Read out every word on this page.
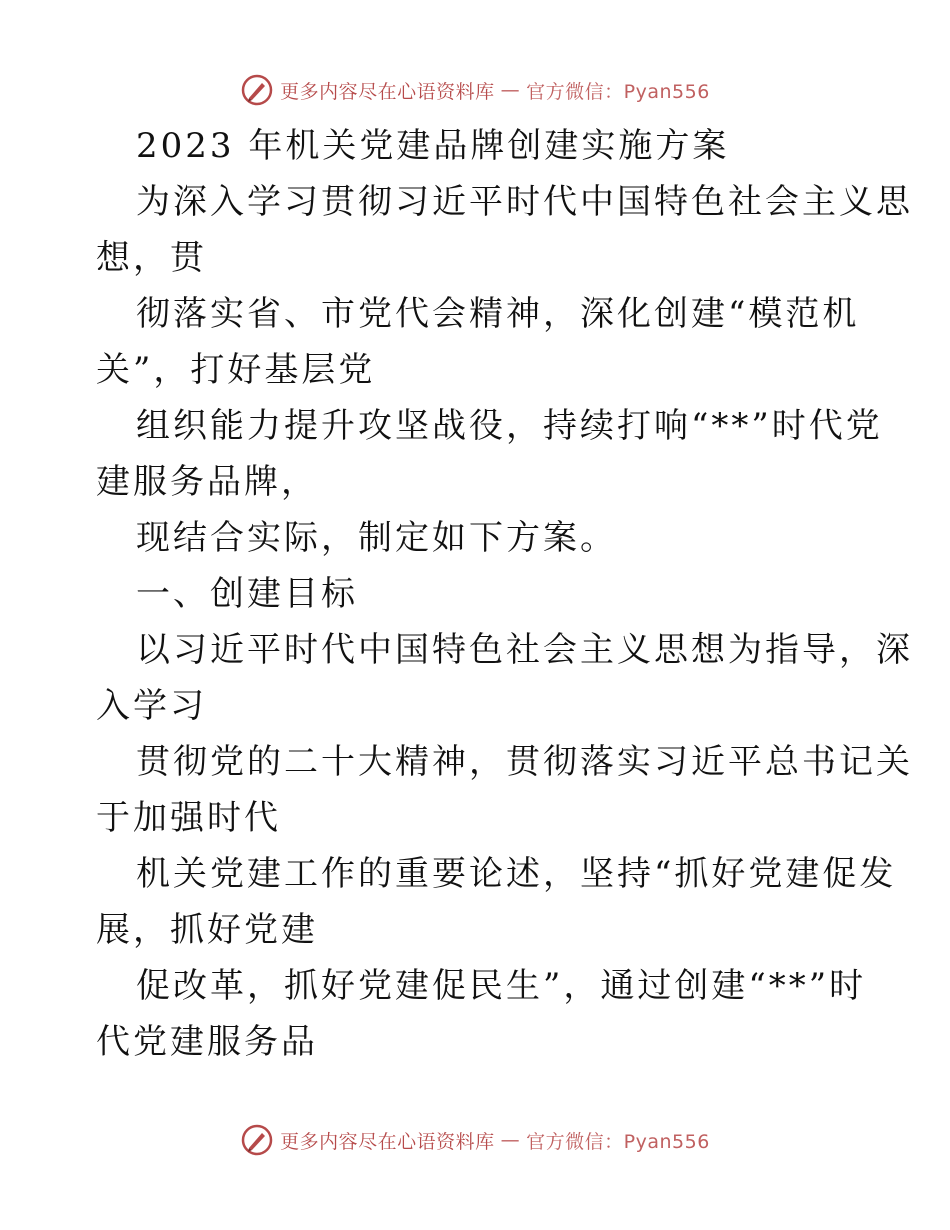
更多内容尽在心语资料库 — 官方微信：Pyan556
2023 年机关党建品牌创建实施方案
为深入学习贯彻习近平时代中国特色社会主义思
想，贯
彻落实省、市党代会精神，深化创建“模范机
关”，打好基层党
组织能力提升攻坚战役，持续打响“**”时代党
建服务品牌，
现结合实际，制定如下方案。
一、创建目标
以习近平时代中国特色社会主义思想为指导，深
入学习
贯彻党的二十大精神，贯彻落实习近平总书记关
于加强时代
机关党建工作的重要论述，坚持“抓好党建促发
展，抓好党建
促改革，抓好党建促民生”，通过创建“**”时
代党建服务品
更多内容尽在心语资料库 — 官方微信：Pyan556
